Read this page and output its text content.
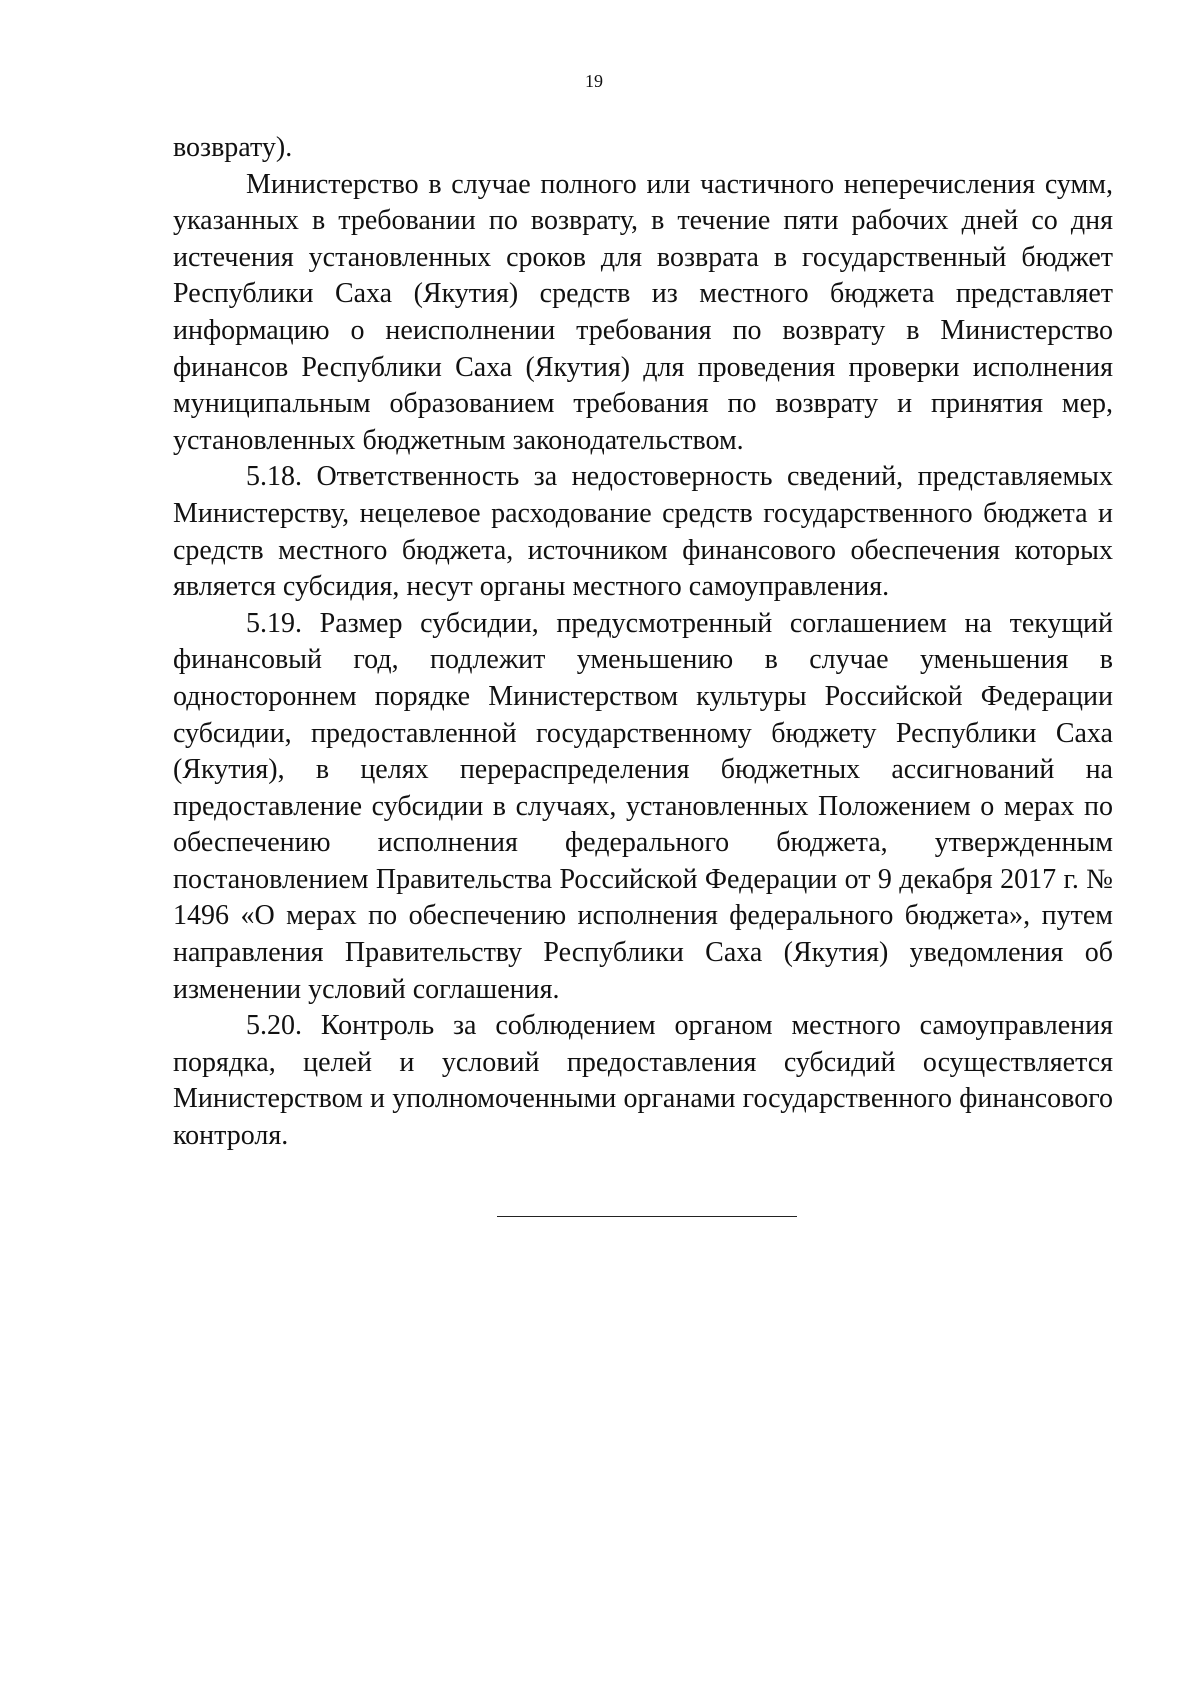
19

возврату).

Министерство в случае полного или частичного неперечисления сумм, указанных в требовании по возврату, в течение пяти рабочих дней со дня истечения установленных сроков для возврата в государственный бюджет Республики Саха (Якутия) средств из местного бюджета представляет информацию о неисполнении требования по возврату в Министерство финансов Республики Саха (Якутия) для проведения проверки исполнения муниципальным образованием требования по возврату и принятия мер, установленных бюджетным законодательством.

5.18. Ответственность за недостоверность сведений, представляемых Министерству, нецелевое расходование средств государственного бюджета и средств местного бюджета, источником финансового обеспечения которых является субсидия, несут органы местного самоуправления.

5.19. Размер субсидии, предусмотренный соглашением на текущий финансовый год, подлежит уменьшению в случае уменьшения в одностороннем порядке Министерством культуры Российской Федерации субсидии, предоставленной государственному бюджету Республики Саха (Якутия), в целях перераспределения бюджетных ассигнований на предоставление субсидии в случаях, установленных Положением о мерах по обеспечению исполнения федерального бюджета, утвержденным постановлением Правительства Российской Федерации от 9 декабря 2017 г. № 1496 «О мерах по обеспечению исполнения федерального бюджета», путем направления Правительству Республики Саха (Якутия) уведомления об изменении условий соглашения.

5.20. Контроль за соблюдением органом местного самоуправления порядка, целей и условий предоставления субсидий осуществляется Министерством и уполномоченными органами государственного финансового контроля.
